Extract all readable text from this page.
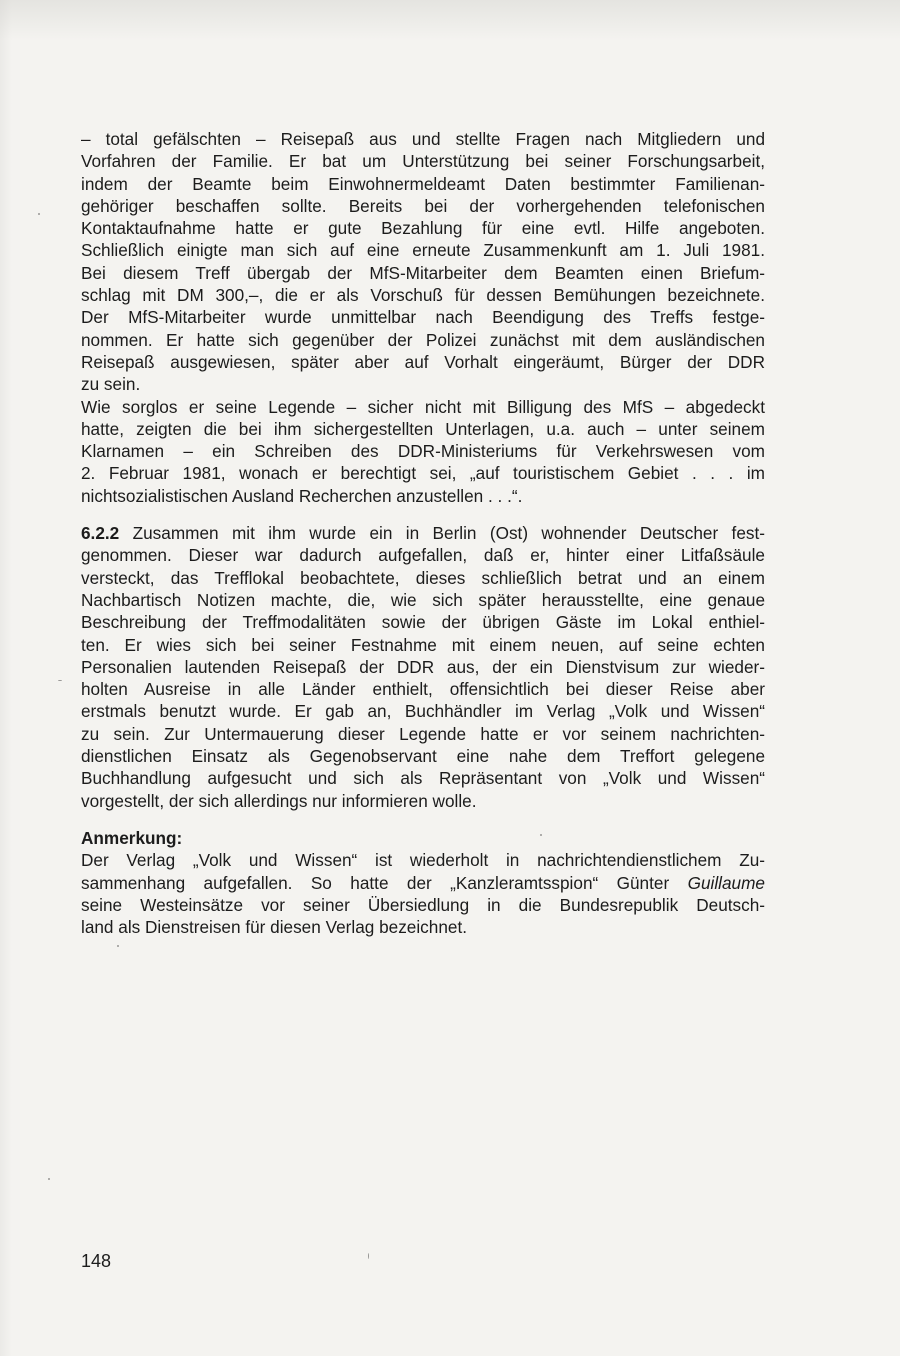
– total gefälschten – Reisepaß aus und stellte Fragen nach Mitgliedern und
Vorfahren der Familie. Er bat um Unterstützung bei seiner Forschungsarbeit,
indem der Beamte beim Einwohnermeldeamt Daten bestimmter Familienan-
gehöriger beschaffen sollte. Bereits bei der vorhergehenden telefonischen
Kontaktaufnahme hatte er gute Bezahlung für eine evtl. Hilfe angeboten.
Schließlich einigte man sich auf eine erneute Zusammenkunft am 1. Juli 1981.
Bei diesem Treff übergab der MfS-Mitarbeiter dem Beamten einen Briefum-
schlag mit DM 300,–, die er als Vorschuß für dessen Bemühungen bezeichnete.
Der MfS-Mitarbeiter wurde unmittelbar nach Beendigung des Treffs festge-
nommen. Er hatte sich gegenüber der Polizei zunächst mit dem ausländischen
Reisepaß ausgewiesen, später aber auf Vorhalt eingeräumt, Bürger der DDR
zu sein.
Wie sorglos er seine Legende – sicher nicht mit Billigung des MfS – abgedeckt
hatte, zeigten die bei ihm sichergestellten Unterlagen, u.a. auch – unter seinem
Klarnamen – ein Schreiben des DDR-Ministeriums für Verkehrswesen vom
2. Februar 1981, wonach er berechtigt sei, „auf touristischem Gebiet . . . im
nichtsozialistischen Ausland Recherchen anzustellen . . .“.
6.2.2 Zusammen mit ihm wurde ein in Berlin (Ost) wohnender Deutscher fest-
genommen. Dieser war dadurch aufgefallen, daß er, hinter einer Litfaßsäule
versteckt, das Trefflokal beobachtete, dieses schließlich betrat und an einem
Nachbartisch Notizen machte, die, wie sich später herausstellte, eine genaue
Beschreibung der Treffmodalitäten sowie der übrigen Gäste im Lokal enthiel-
ten. Er wies sich bei seiner Festnahme mit einem neuen, auf seine echten
Personalien lautenden Reisepaß der DDR aus, der ein Dienstvisum zur wieder-
holten Ausreise in alle Länder enthielt, offensichtlich bei dieser Reise aber
erstmals benutzt wurde. Er gab an, Buchhändler im Verlag „Volk und Wissen“
zu sein. Zur Untermauerung dieser Legende hatte er vor seinem nachrichten-
dienstlichen Einsatz als Gegenobservant eine nahe dem Treffort gelegene
Buchhandlung aufgesucht und sich als Repräsentant von „Volk und Wissen“
vorgestellt, der sich allerdings nur informieren wolle.
Anmerkung:
Der Verlag „Volk und Wissen“ ist wiederholt in nachrichtendienstlichem Zu-
sammenhang aufgefallen. So hatte der „Kanzleramtsspion“ Günter Guillaume
seine Westeinsätze vor seiner Übersiedlung in die Bundesrepublik Deutsch-
land als Dienstreisen für diesen Verlag bezeichnet.
148
